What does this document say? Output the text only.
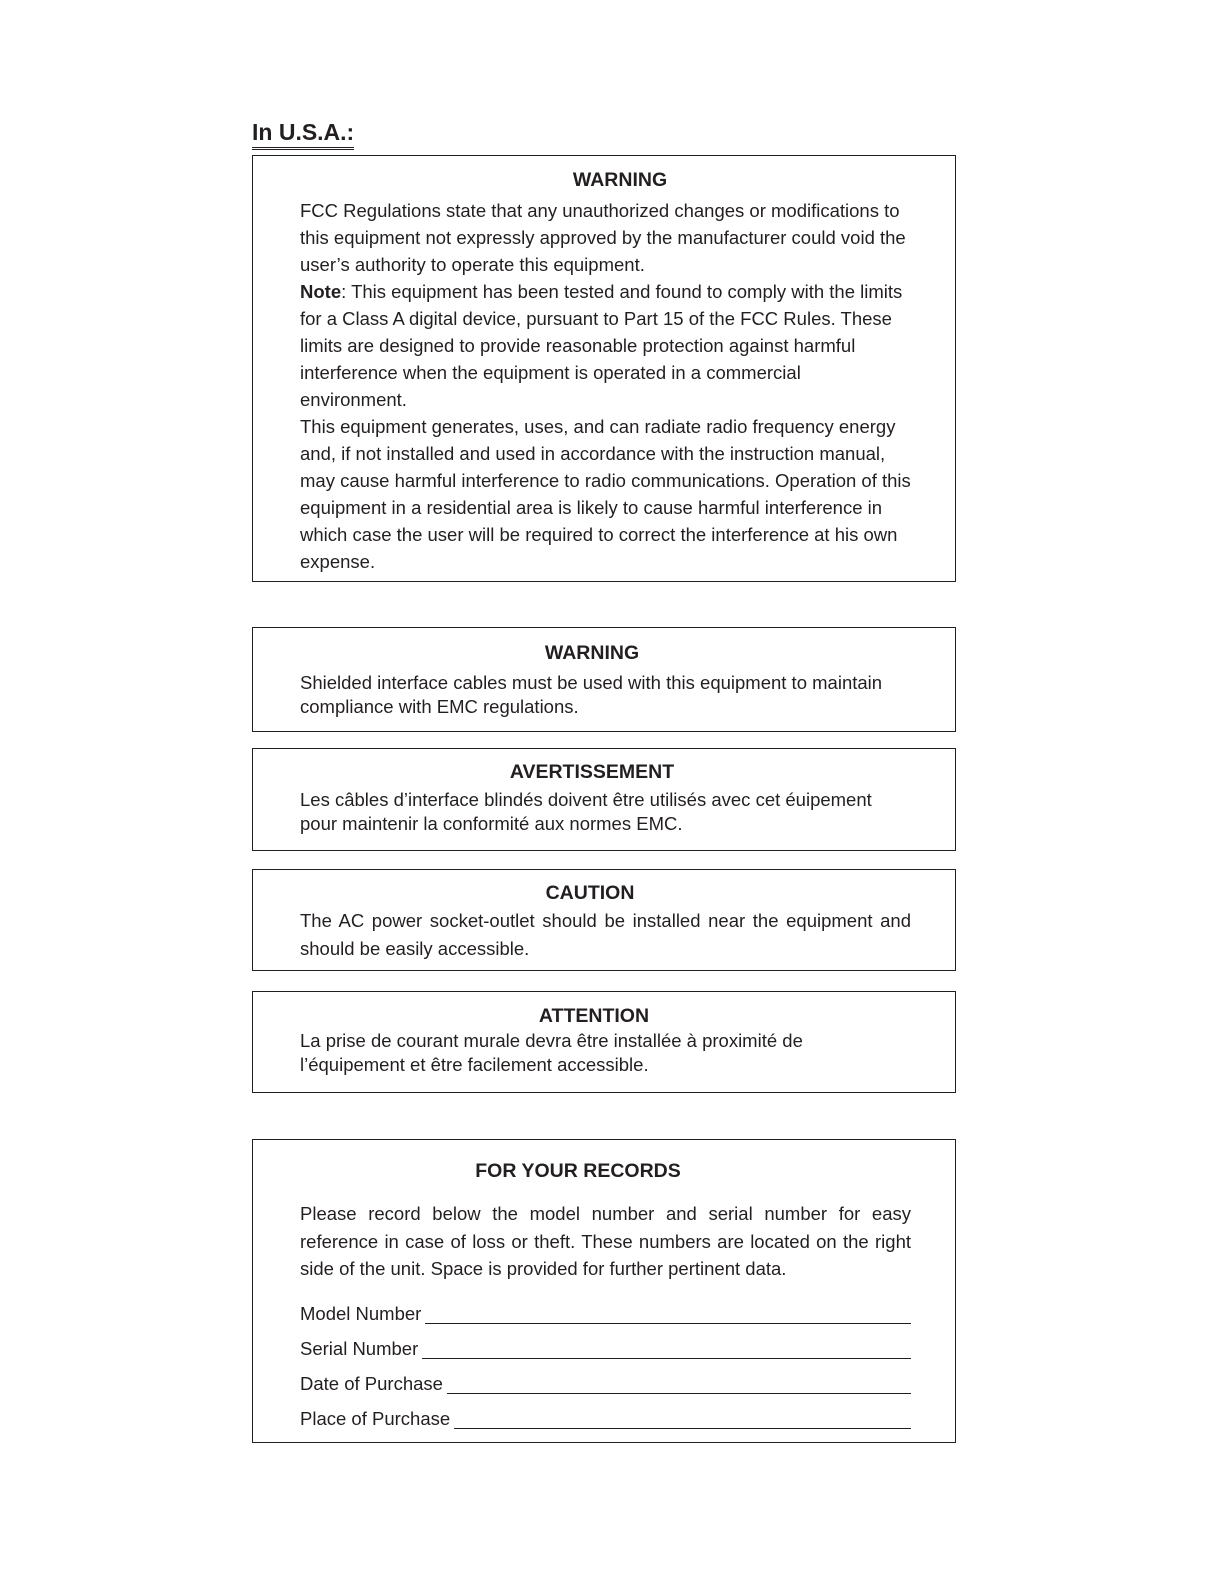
In U.S.A.:
WARNING

FCC Regulations state that any unauthorized changes or modifications to this equipment not expressly approved by the manufacturer could void the user’s authority to operate this equipment.

Note: This equipment has been tested and found to comply with the limits for a Class A digital device, pursuant to Part 15 of the FCC Rules. These limits are designed to provide reasonable protection against harmful interference when the equipment is operated in a commercial environment.

This equipment generates, uses, and can radiate radio frequency energy and, if not installed and used in accordance with the instruction manual, may cause harmful interference to radio communications. Operation of this equipment in a residential area is likely to cause harmful interference in which case the user will be required to correct the interference at his own expense.

WARNING
Shielded interface cables must be used with this equipment to maintain compliance with EMC regulations.
AVERTISSEMENT
Les câbles d’interface blindés doivent être utilisés avec cet éuipement pour maintenir la conformité aux normes EMC.
CAUTION
The AC power socket-outlet should be installed near the equipment and should be easily accessible.
ATTENTION
La prise de courant murale devra être installée à proximité de
l’équipement et être facilement accessible.
FOR YOUR RECORDS

Please record below the model number and serial number for easy reference in case of loss or theft. These numbers are located on the right side of the unit. Space is provided for further pertinent data.

Model Number
Serial Number
Date of Purchase
Place of Purchase
